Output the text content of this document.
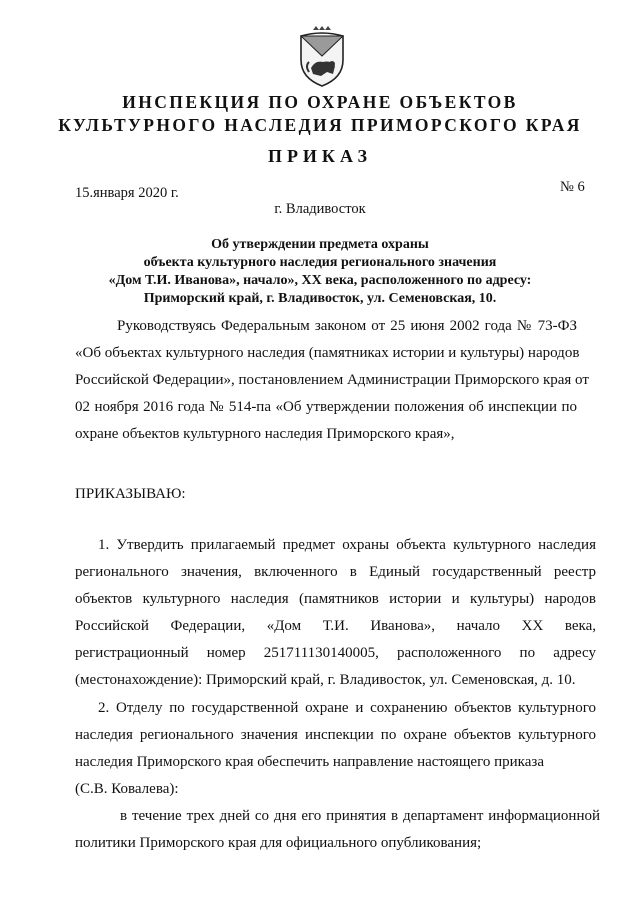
ИНСПЕКЦИЯ ПО ОХРАНЕ ОБЪЕКТОВ
КУЛЬТУРНОГО НАСЛЕДИЯ ПРИМОРСКОГО КРАЯ
ПРИКАЗ
15.января 2020 г.	№ 6
г. Владивосток
Об утверждении предмета охраны
объекта культурного наследия регионального значения
«Дом Т.И. Иванова», начало», XX века, расположенного по адресу:
Приморский край, г. Владивосток, ул. Семеновская, 10.
Руководствуясь Федеральным законом от 25 июня 2002 года № 73-ФЗ
«Об объектах культурного наследия (памятниках истории и культуры) народов
Российской Федерации», постановлением Администрации Приморского края от
02 ноября 2016 года № 514-па «Об утверждении положения об инспекции по
охране объектов культурного наследия Приморского края»,
ПРИКАЗЫВАЮ:
1. Утвердить прилагаемый предмет охраны объекта культурного наследия
регионального значения, включенного в Единый государственный реестр
объектов культурного наследия (памятников истории и культуры) народов
Российской Федерации, «Дом Т.И. Иванова», начало XX века,
регистрационный номер 251711130140005, расположенного по адресу
(местонахождение): Приморский край, г. Владивосток, ул. Семеновская, д. 10.
2. Отделу по государственной охране и сохранению объектов культурного
наследия регионального значения инспекции по охране объектов культурного
наследия Приморского края обеспечить направление настоящего приказа
(С.В. Ковалева):
в течение трех дней со дня его принятия в департамент информационной
политики Приморского края для официального опубликования;
